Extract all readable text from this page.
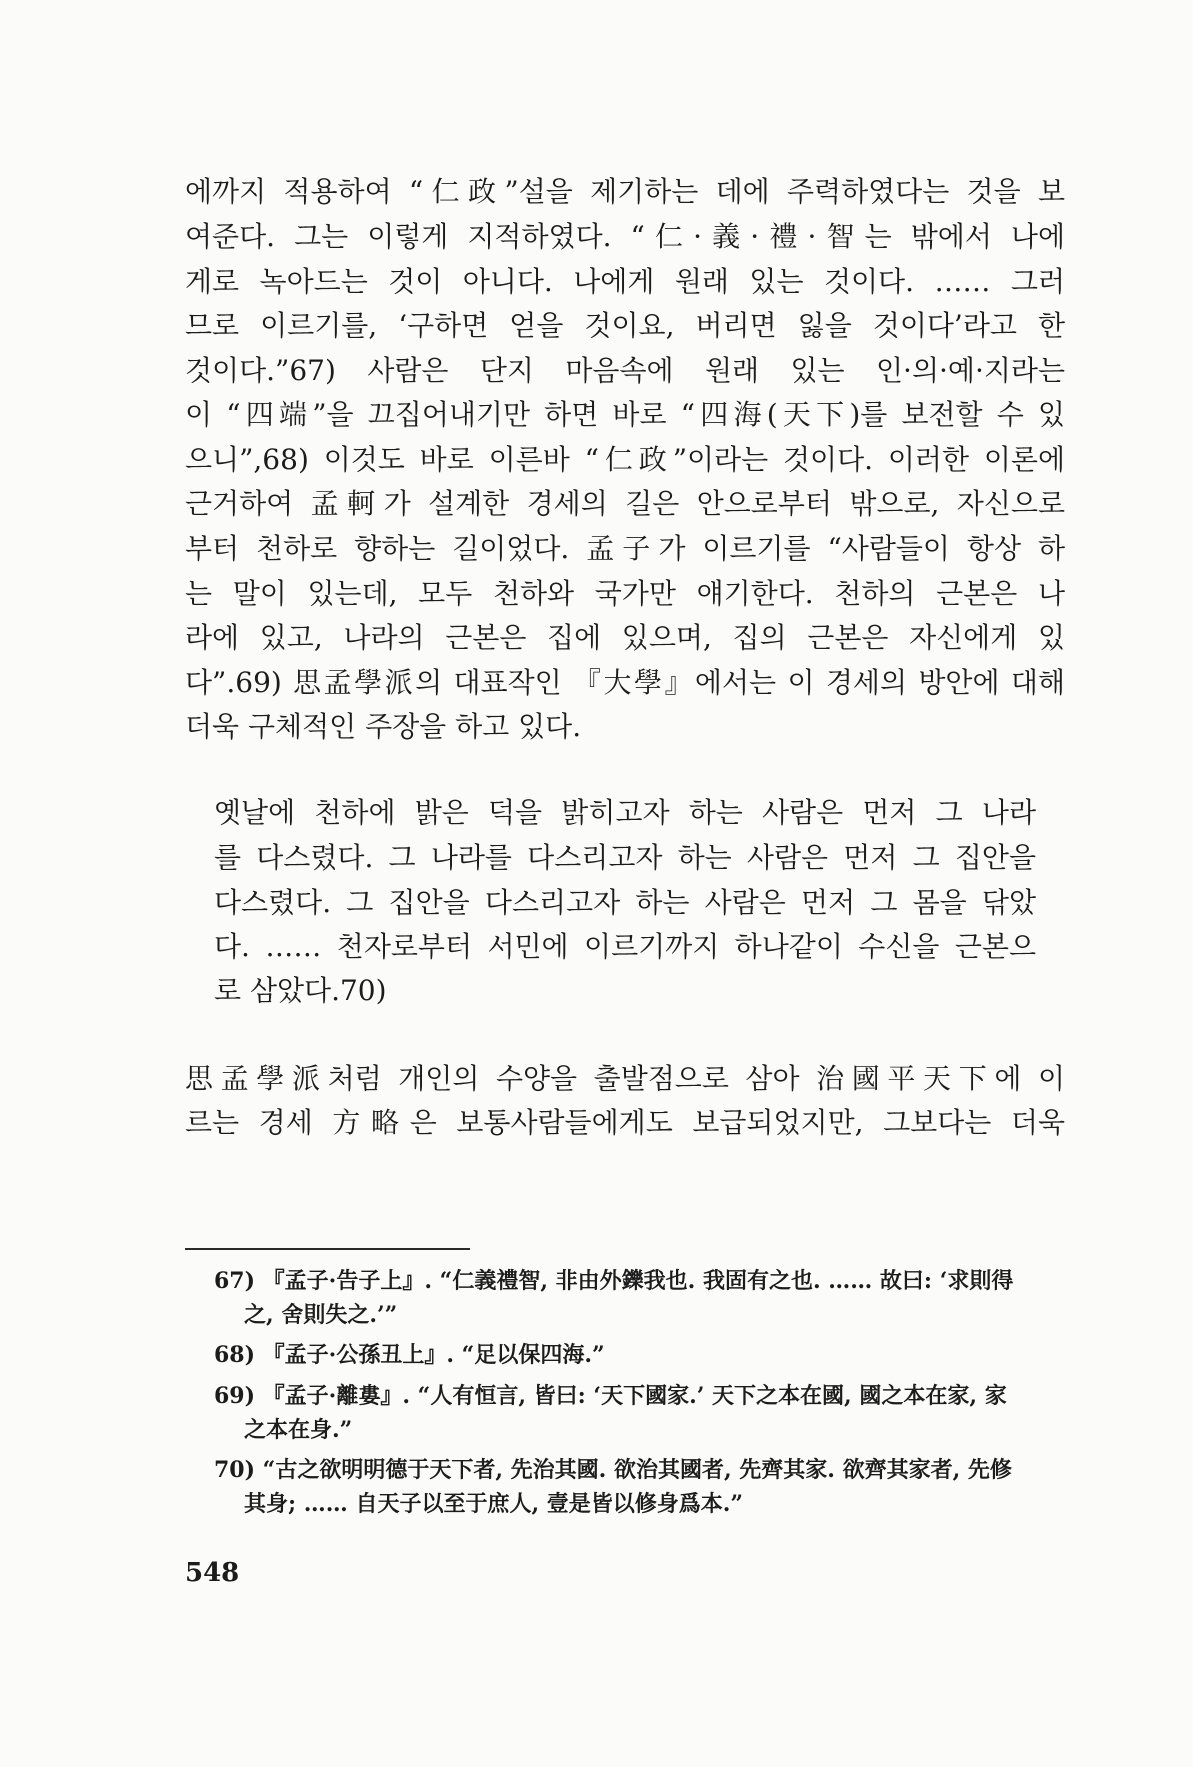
에까지 적용하여 “仁政”설을 제기하는 데에 주력하였다는 것을 보
여준다. 그는 이렇게 지적하였다. “仁·義·禮·智는 밖에서 나에
게로 녹아드는 것이 아니다. 나에게 원래 있는 것이다. …… 그러
므로 이르기를, ‘구하면 얻을 것이요, 버리면 잃을 것이다’라고 한
것이다.”67) 사람은 단지 마음속에 원래 있는 인·의·예·지라는
이 “四端”을 끄집어내기만 하면 바로 “四海(天下)를 보전할 수 있
으니”,68) 이것도 바로 이른바 “仁政”이라는 것이다. 이러한 이론에
근거하여 孟軻가 설계한 경세의 길은 안으로부터 밖으로, 자신으로
부터 천하로 향하는 길이었다. 孟子가 이르기를 “사람들이 항상 하
는 말이 있는데, 모두 천하와 국가만 얘기한다. 천하의 근본은 나
라에 있고, 나라의 근본은 집에 있으며, 집의 근본은 자신에게 있
다”.69) 思孟學派의 대표작인 『大學』에서는 이 경세의 방안에 대해
더욱 구체적인 주장을 하고 있다.
옛날에 천하에 밝은 덕을 밝히고자 하는 사람은 먼저 그 나라
를 다스렸다. 그 나라를 다스리고자 하는 사람은 먼저 그 집안을
다스렸다. 그 집안을 다스리고자 하는 사람은 먼저 그 몸을 닦았
다. …… 천자로부터 서민에 이르기까지 하나같이 수신을 근본으
로 삼았다.70)
思孟學派처럼 개인의 수양을 출발점으로 삼아 治國平天下에 이
르는 경세 方略은 보통사람들에게도 보급되었지만, 그보다는 더욱
67) 『孟子·告子上』. “仁義禮智, 非由外鑠我也. 我固有之也. …… 故曰: ‘求則得
之, 舍則失之.’”
68) 『孟子·公孫丑上』. “足以保四海.”
69) 『孟子·離婁』. “人有恒言, 皆曰: ‘天下國家.’ 天下之本在國, 國之本在家, 家
之本在身.”
70) “古之欲明明德于天下者, 先治其國. 欲治其國者, 先齊其家. 欲齊其家者, 先修
其身; …… 自天子以至于庶人, 壹是皆以修身爲本.”
548
